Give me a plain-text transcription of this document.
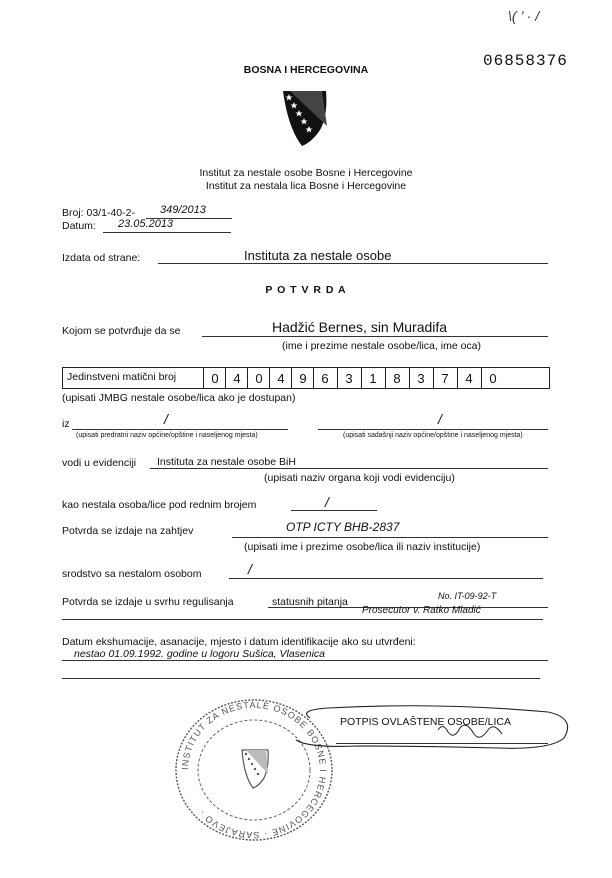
\( ’ · /
06858376
BOSNA I HERCEGOVINA
Institut za nestale osobe Bosne i Hercegovine
Institut za nestala lica Bosne i Hercegovine
Broj: 03/1-40-2- 349/2013
Datum: 23.05.2013
Izdata od strane:	Instituta za nestale osobe
P O T V R D A
Kojom se potvrđuje da se	Hadžić Bernes, sin Muradifa
(ime i prezime nestale osobe/lica, ime oca)
Jedinstveni matični broj	0	4	0	4	9	6	3	1	8	3	7	4	0
(upisati JMBG nestale osobe/lica ako je dostupan)
iz	/	/
(upisati predratni naziv općine/opštine i naseljenog mjesta)	(upisati sadašnji naziv općine/opštine i naseljenog mjesta)
vodi u evidenciji Instituta za nestale osobe BiH
(upisati naziv organa koji vodi evidenciju)
kao nestala osoba/lice pod rednim brojem	/
Potvrda se izdaje na zahtjev	OTP ICTY BHB-2837
(upisati ime i prezime osobe/lica ili naziv institucije)
srodstvo sa nestalom osobom	/
Potvrda se izdaje u svrhu regulisanja	statusnih pitanja	No. IT-09-92-T
Prosecutor v. Ratko Mladić
Datum ekshumacije, asanacije, mjesto i datum identifikacije ako su utvrđeni:
nestao 01.09.1992. godine u logoru Sušica, Vlasenica
INSTITUT ZA NESTALE OSOBE BOSNE I HERCEGOVINE · SARAJEVO ·
POTPIS OVLAŠTENE OSOBE/LICA
